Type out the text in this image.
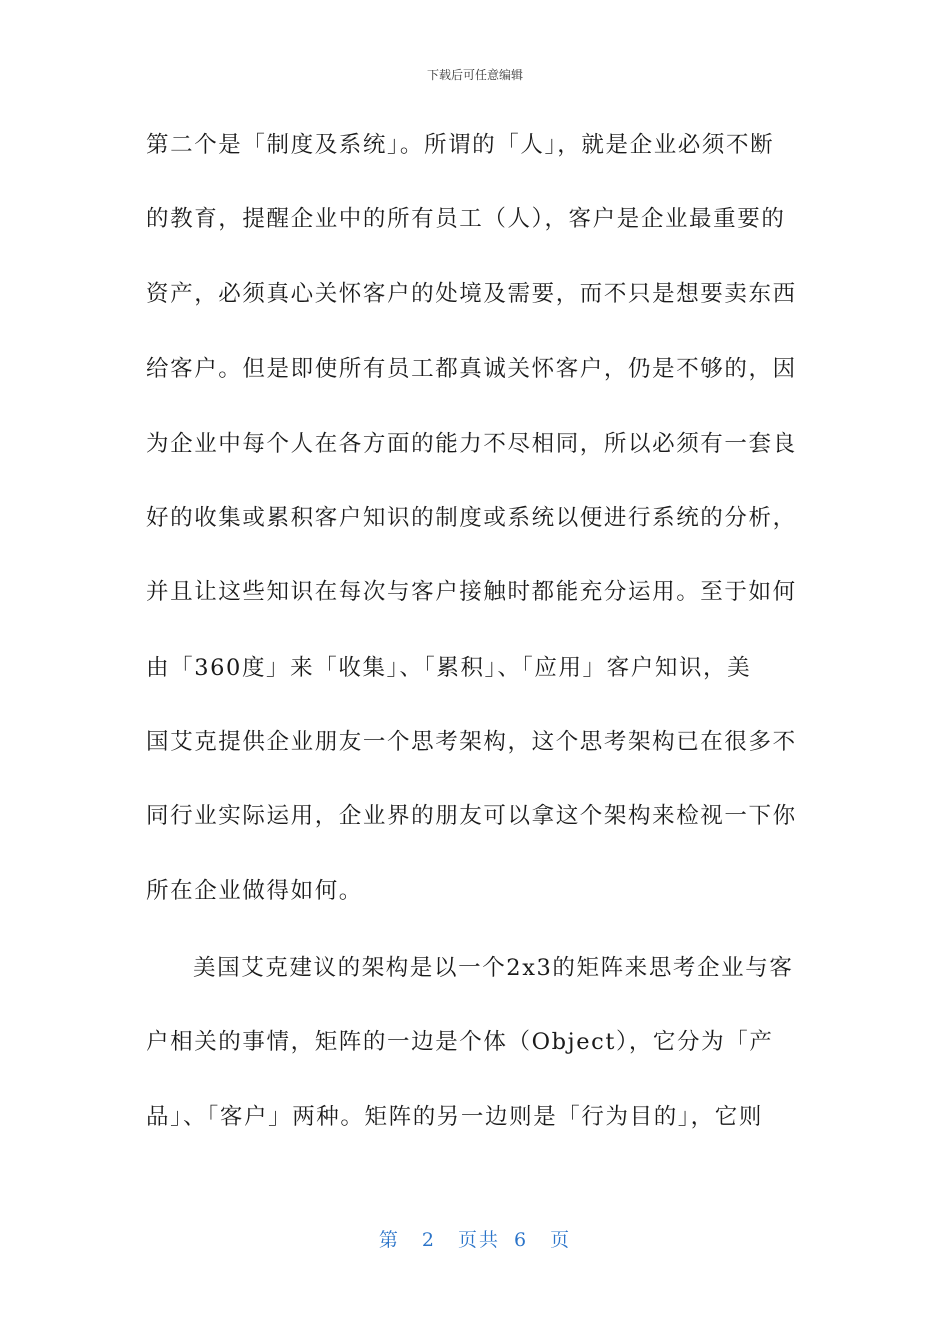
下载后可任意编辑
第二个是「制度及系统」。所谓的「人」，就是企业必须不断
的教育，提醒企业中的所有员工（人），客户是企业最重要的
资产，必须真心关怀客户的处境及需要，而不只是想要卖东西
给客户。但是即使所有员工都真诚关怀客户，仍是不够的，因
为企业中每个人在各方面的能力不尽相同，所以必须有一套良
好的收集或累积客户知识的制度或系统以便进行系统的分析，
并且让这些知识在每次与客户接触时都能充分运用。至于如何
由「360度」来「收集」、「累积」、「应用」客户知识，美
国艾克提供企业朋友一个思考架构，这个思考架构已在很多不
同行业实际运用，企业界的朋友可以拿这个架构来检视一下你
所在企业做得如何。
美国艾克建议的架构是以一个2x3的矩阵来思考企业与客
户相关的事情，矩阵的一边是个体（Object），它分为「产
品」、「客户」两种。矩阵的另一边则是「行为目的」，它则
第 2 页共 6 页
